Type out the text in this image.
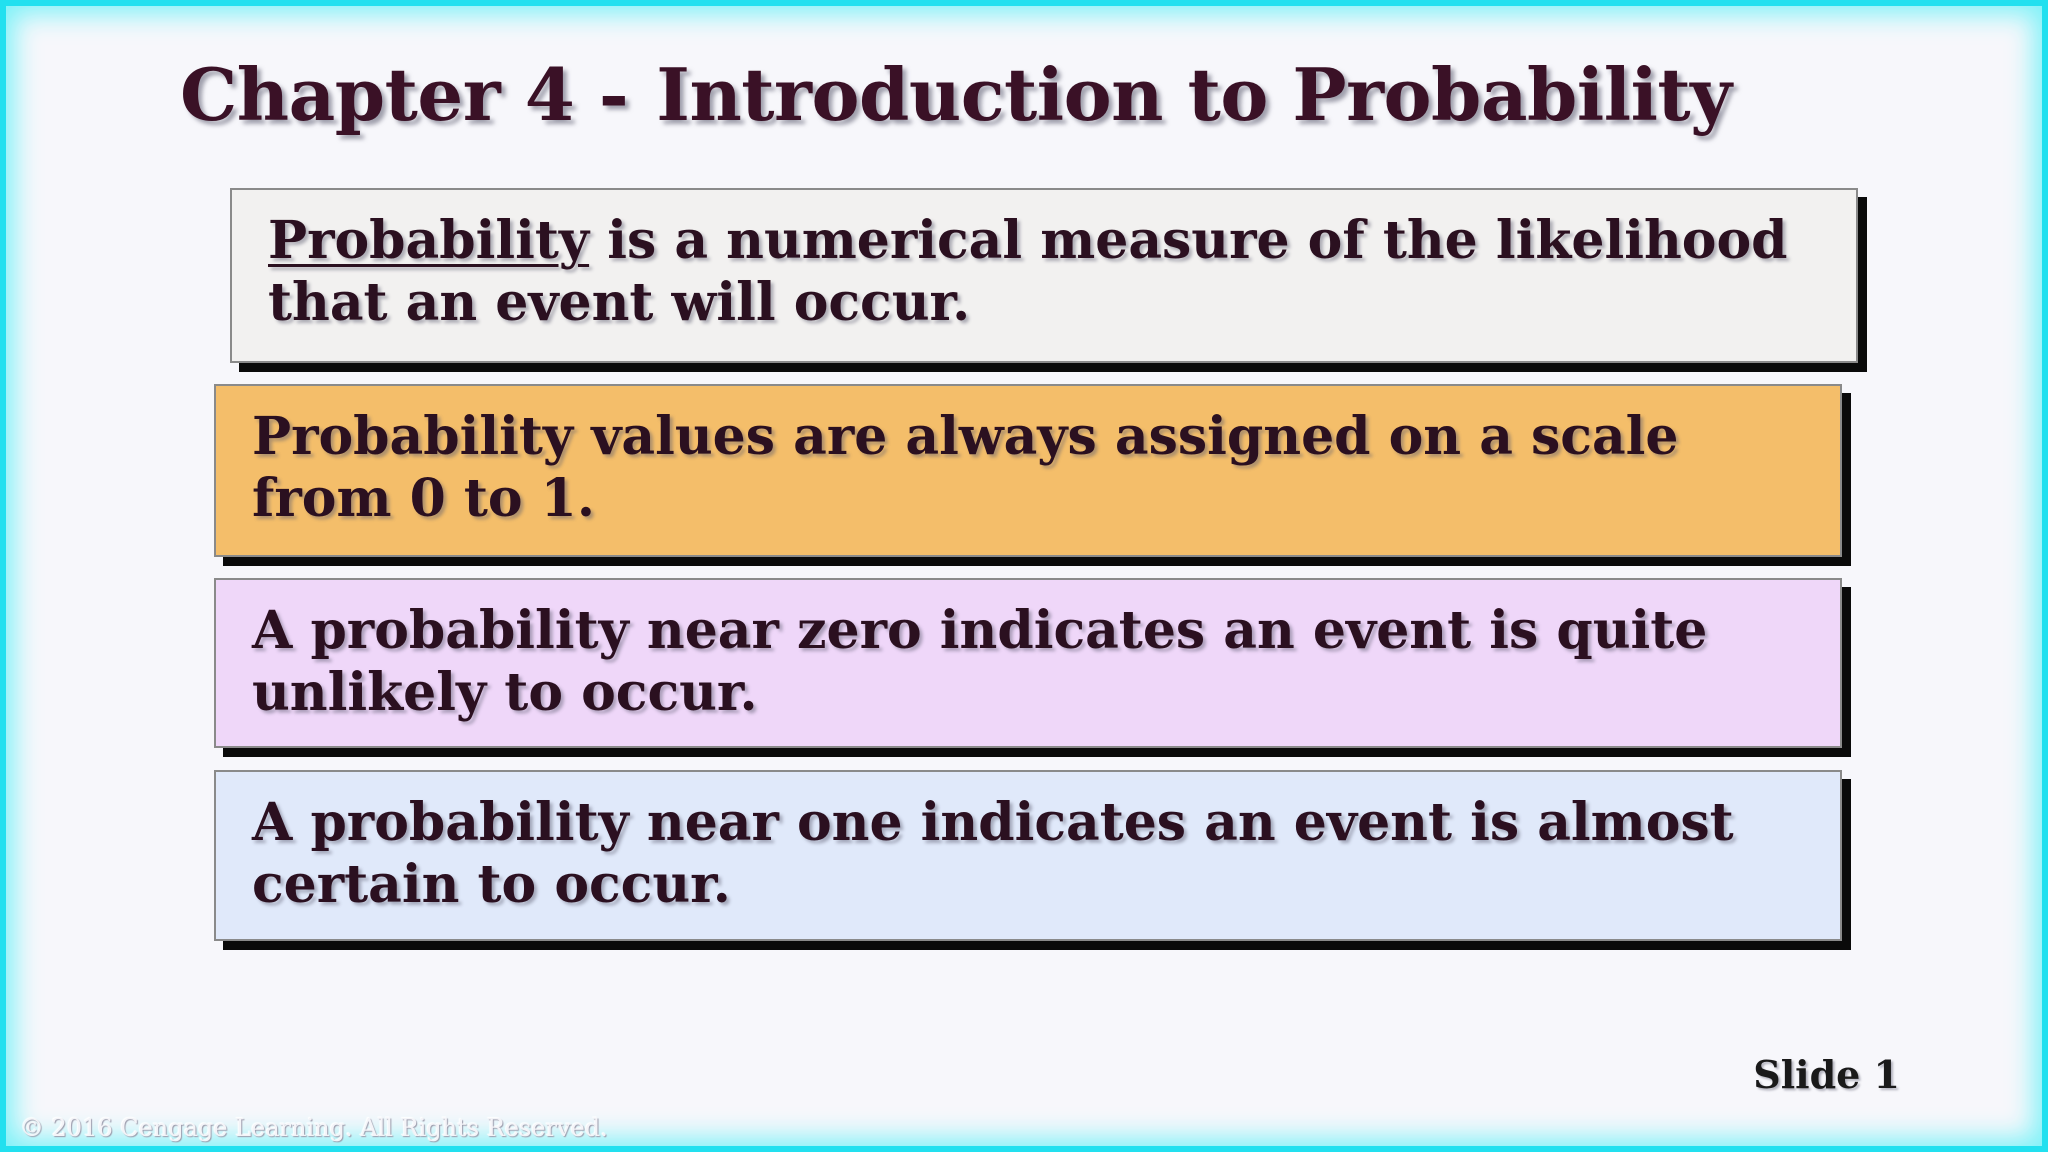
Chapter 4 - Introduction to Probability
Probability is a numerical measure of the likelihood that an event will occur.
Probability values are always assigned on a scale from 0 to 1.
A probability near zero indicates an event is quite unlikely to occur.
A probability near one indicates an event is almost certain to occur.
Slide 1
© 2016 Cengage Learning. All Rights Reserved.
